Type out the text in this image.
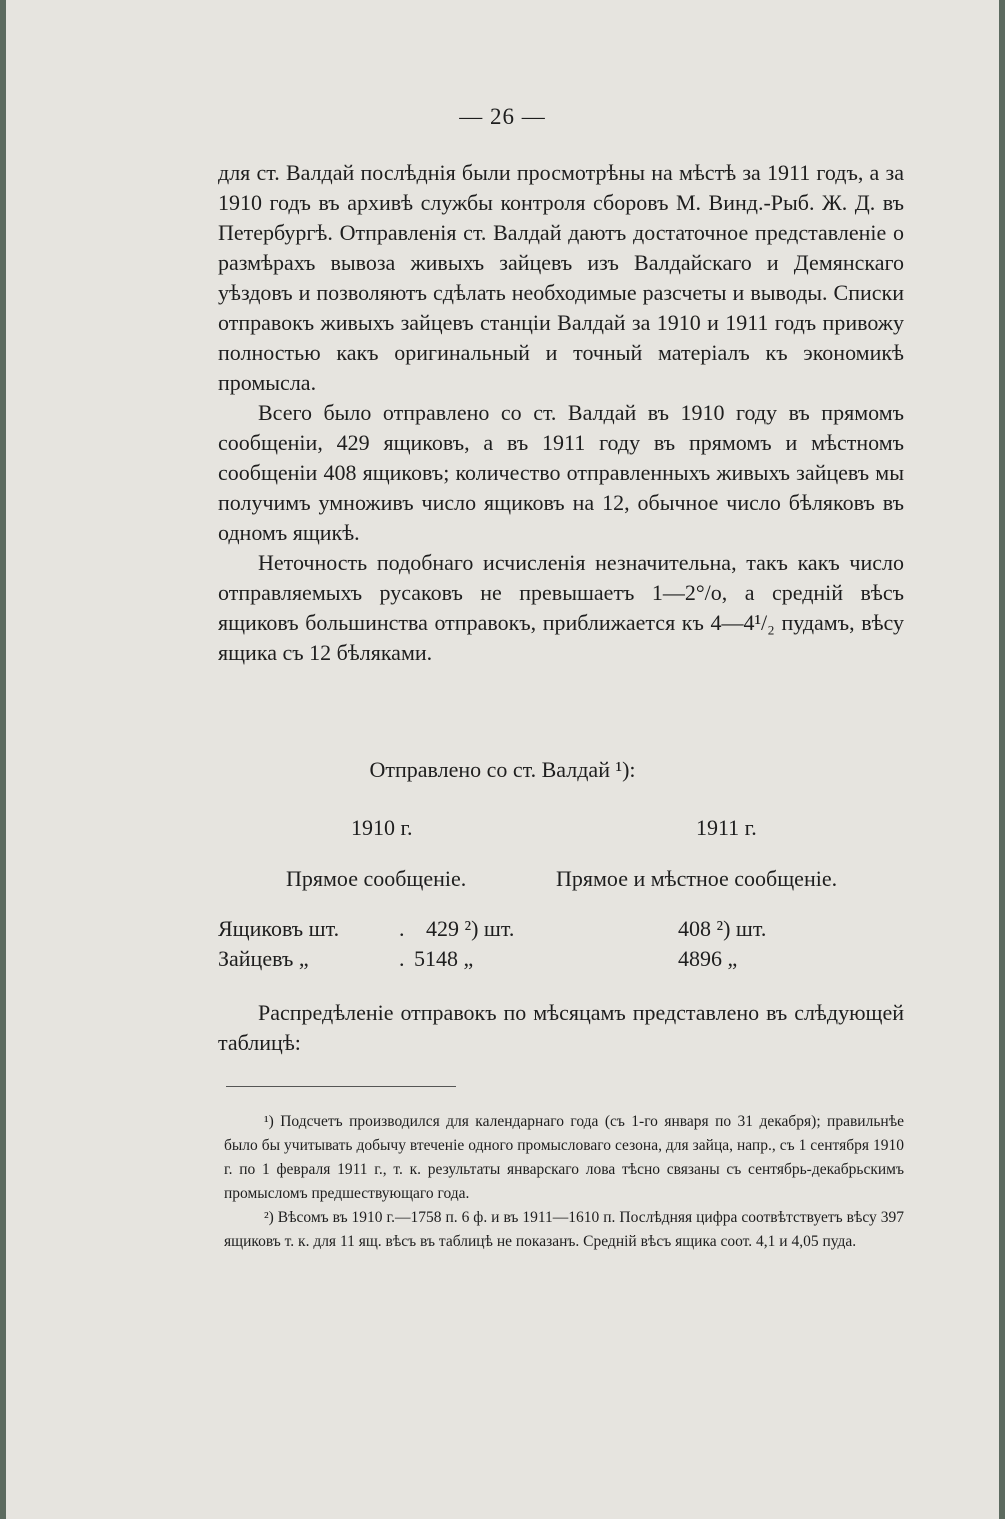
— 26 —

для ст. Валдай послѣднія были просмотрѣны на мѣстѣ за 1911 годъ, а за 1910 годъ въ архивѣ службы контроля сборовъ М. Винд.-Рыб. Ж. Д. въ Петербургѣ. Отправленія ст. Валдай даютъ достаточное представленіе о размѣрахъ вывоза живыхъ зайцевъ изъ Валдайскаго и Демянскаго уѣздовъ и позволяютъ сдѣлать необходимые разсчеты и выводы. Списки отправокъ живыхъ зайцевъ станціи Валдай за 1910 и 1911 годъ привожу полностью какъ оригинальный и точный матеріалъ къ экономикѣ промысла.

Всего было отправлено со ст. Валдай въ 1910 году въ прямомъ сообщеніи, 429 ящиковъ, а въ 1911 году въ прямомъ и мѣстномъ сообщеніи 408 ящиковъ; количество отправленныхъ живыхъ зайцевъ мы получимъ умноживъ число ящиковъ на 12, обычное число бѣляковъ въ одномъ ящикѣ.

Неточность подобнаго исчисленія незначительна, такъ какъ число отправляемыхъ русаковъ не превышаетъ 1—2°/о, а средній вѣсъ ящиковъ большинства отправокъ, приближается къ 4—4¹/₂ пудамъ, вѣсу ящика съ 12 бѣляками.

Отправлено со ст. Валдай ¹):
1910 г.	1911 г.
Прямое сообщеніе.	Прямое и мѣстное сообщеніе.
Ящиковъ шт.	. 429 ²) шт.	408 ²) шт.
Зайцевъ „	. 5148 „	4896 „

Распредѣленіе отправокъ по мѣсяцамъ представлено въ слѣдующей таблицѣ:

¹) Подсчетъ производился для календарнаго года (съ 1-го января по 31 декабря); правильнѣе было бы учитывать добычу втеченіе одного промысловаго сезона, для зайца, напр., съ 1 сентября 1910 г. по 1 февраля 1911 г., т. к. результаты январскаго лова тѣсно связаны съ сентябрь-декабрьскимъ промысломъ предшествующаго года.

²) Вѣсомъ въ 1910 г.—1758 п. 6 ф. и въ 1911—1610 п. Послѣдняя цифра соотвѣтствуетъ вѣсу 397 ящиковъ т. к. для 11 ящ. вѣсъ въ таблицѣ не показанъ. Средній вѣсъ ящика соот. 4,1 и 4,05 пуда.
